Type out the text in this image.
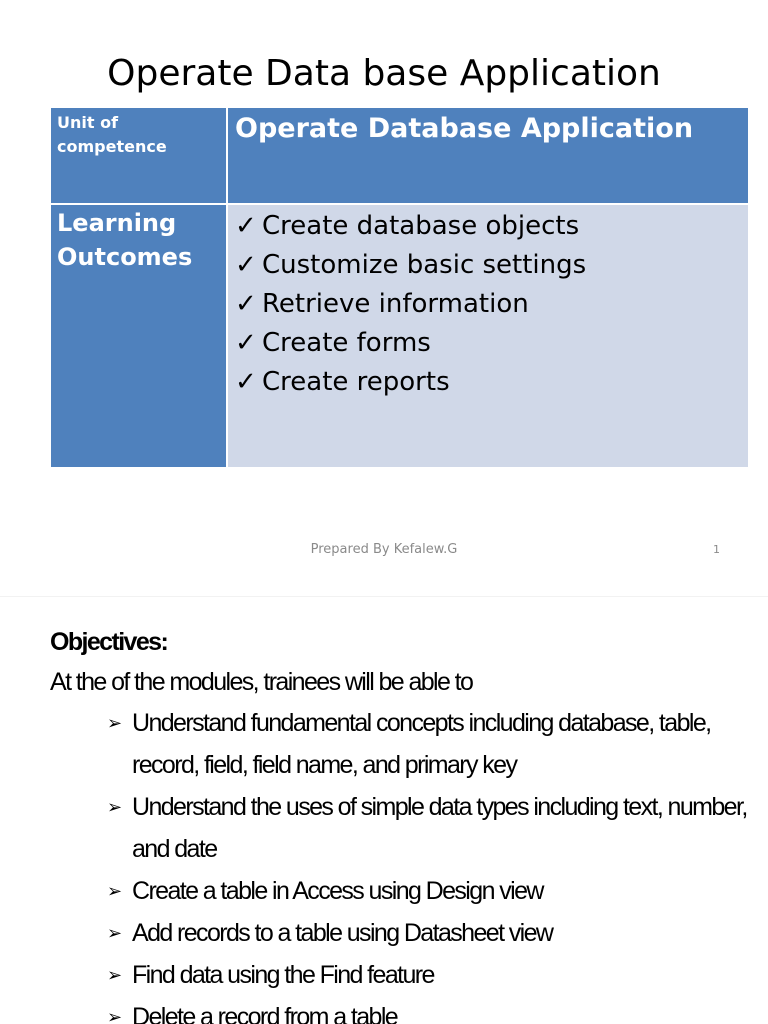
Operate Data base Application
Unit of competence
Operate Database Application
Learning Outcomes
✓ Create database objects
✓ Customize basic settings
✓ Retrieve information
✓ Create forms
✓ Create reports
Prepared By Kefalew.G	1

Objectives:

At the of the modules, trainees will be able to

➢ Understand fundamental concepts including database, table, record, field, field name, and primary key
➢ Understand the uses of simple data types including text, number, and date
➢ Create a table in Access using Design view
➢ Add records to a table using Datasheet view
➢ Find data using the Find feature
➢ Delete a record from a table
